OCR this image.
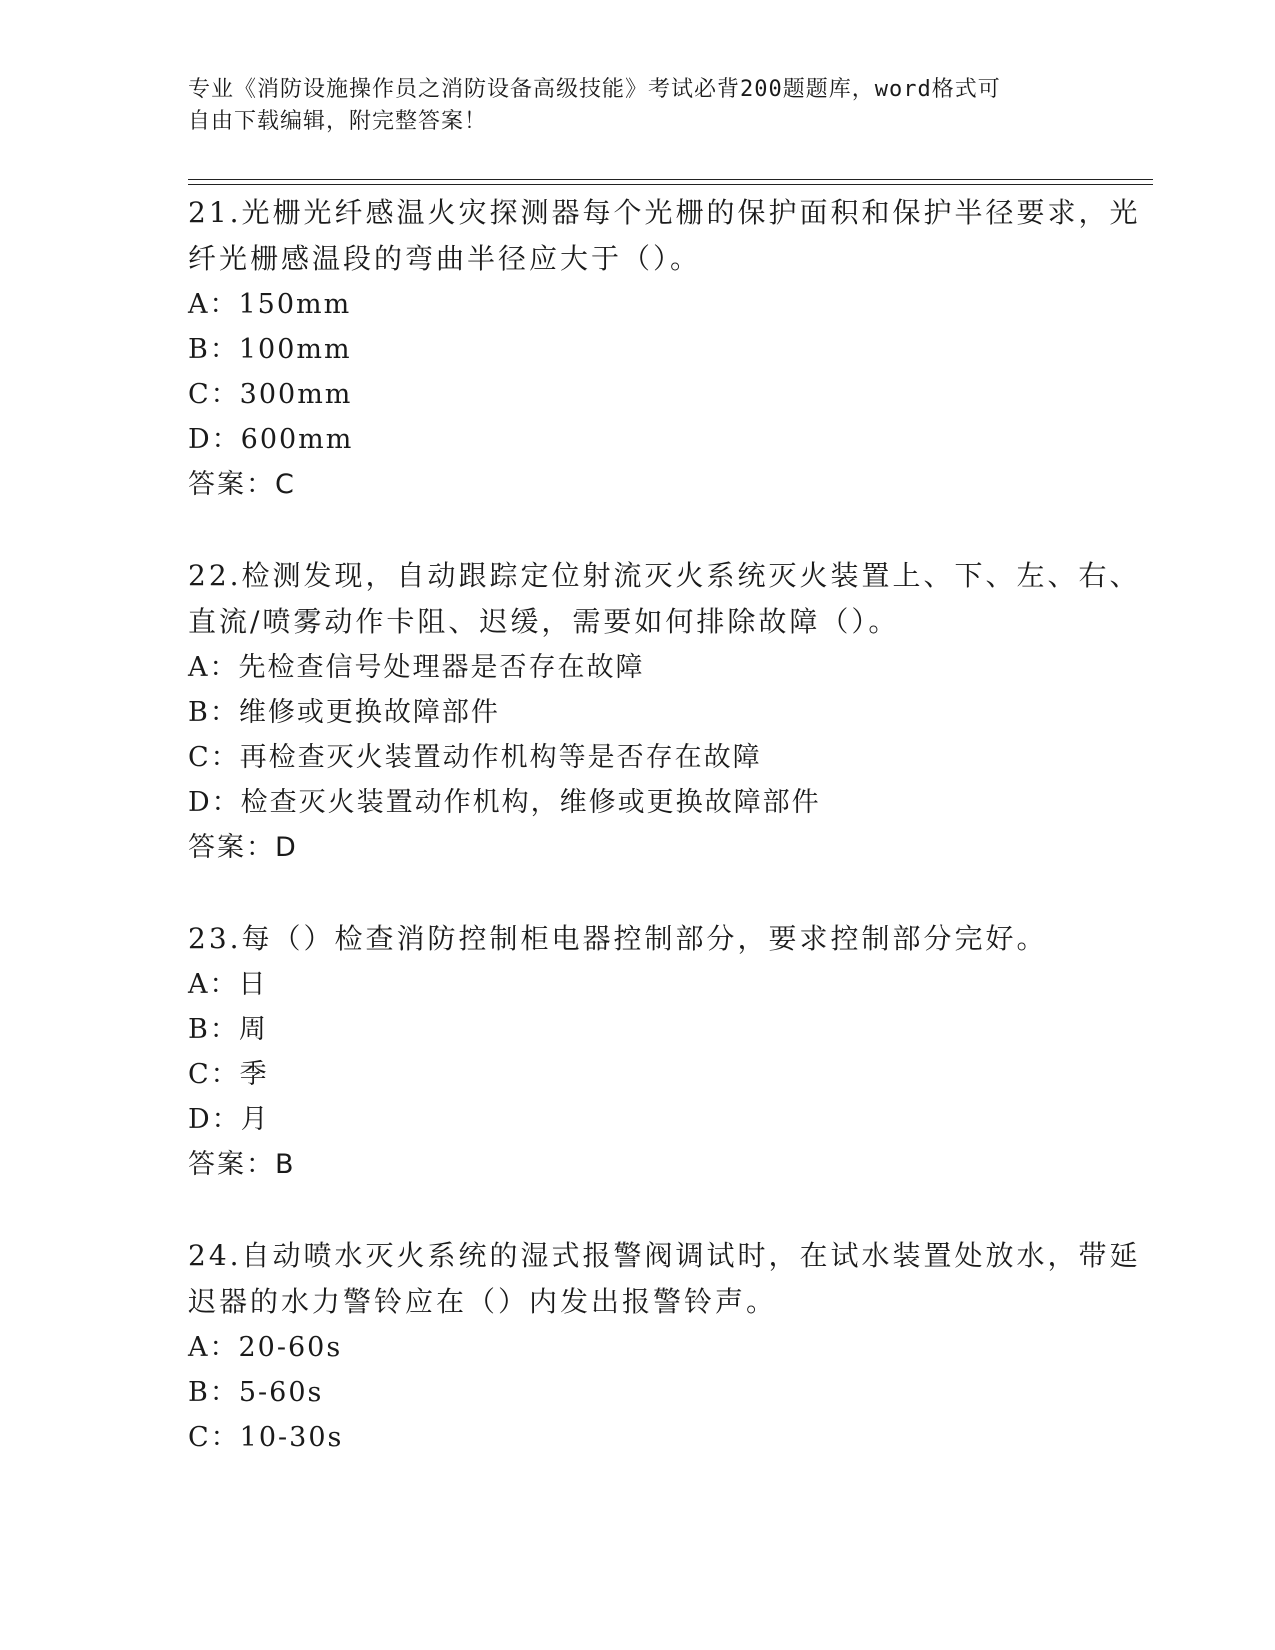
专业《消防设施操作员之消防设备高级技能》考试必背200题题库，word格式可
自由下载编辑，附完整答案！

21.光栅光纤感温火灾探测器每个光栅的保护面积和保护半径要求，光

纤光栅感温段的弯曲半径应大于（）。

A：150mm

B：100mm

C：300mm

D：600mm

答案：C

22.检测发现，自动跟踪定位射流灭火系统灭火装置上、下、左、右、

直流/喷雾动作卡阻、迟缓，需要如何排除故障（）。

A：先检查信号处理器是否存在故障

B：维修或更换故障部件

C：再检查灭火装置动作机构等是否存在故障

D：检查灭火装置动作机构，维修或更换故障部件

答案：D

23.每（）检查消防控制柜电器控制部分，要求控制部分完好。

A：日

B：周

C：季

D：月

答案：B

24.自动喷水灭火系统的湿式报警阀调试时，在试水装置处放水，带延

迟器的水力警铃应在（）内发出报警铃声。

A：20-60s

B：5-60s

C：10-30s
